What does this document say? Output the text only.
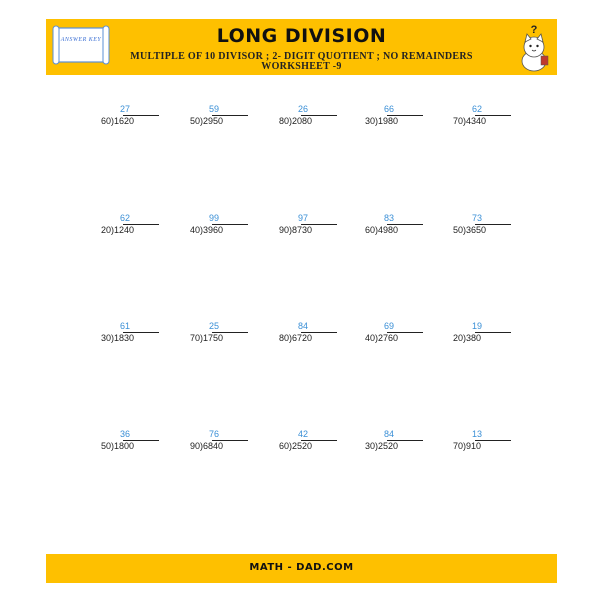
ANSWER KEY	LONG DIVISION
MULTIPLE OF 10 DIVISOR ; 2- DIGIT QUOTIENT ; NO REMAINDERS
WORKSHEET -9
?
27
60)1620
59
50)2950
26
80)2080
66
30)1980
62
70)4340
62
20)1240
99
40)3960
97
90)8730
83
60)4980
73
50)3650
61
30)1830
25
70)1750
84
80)6720
69
40)2760
19
20)380
36
50)1800
76
90)6840
42
60)2520
84
30)2520
13
70)910
MATH - DAD.COM
